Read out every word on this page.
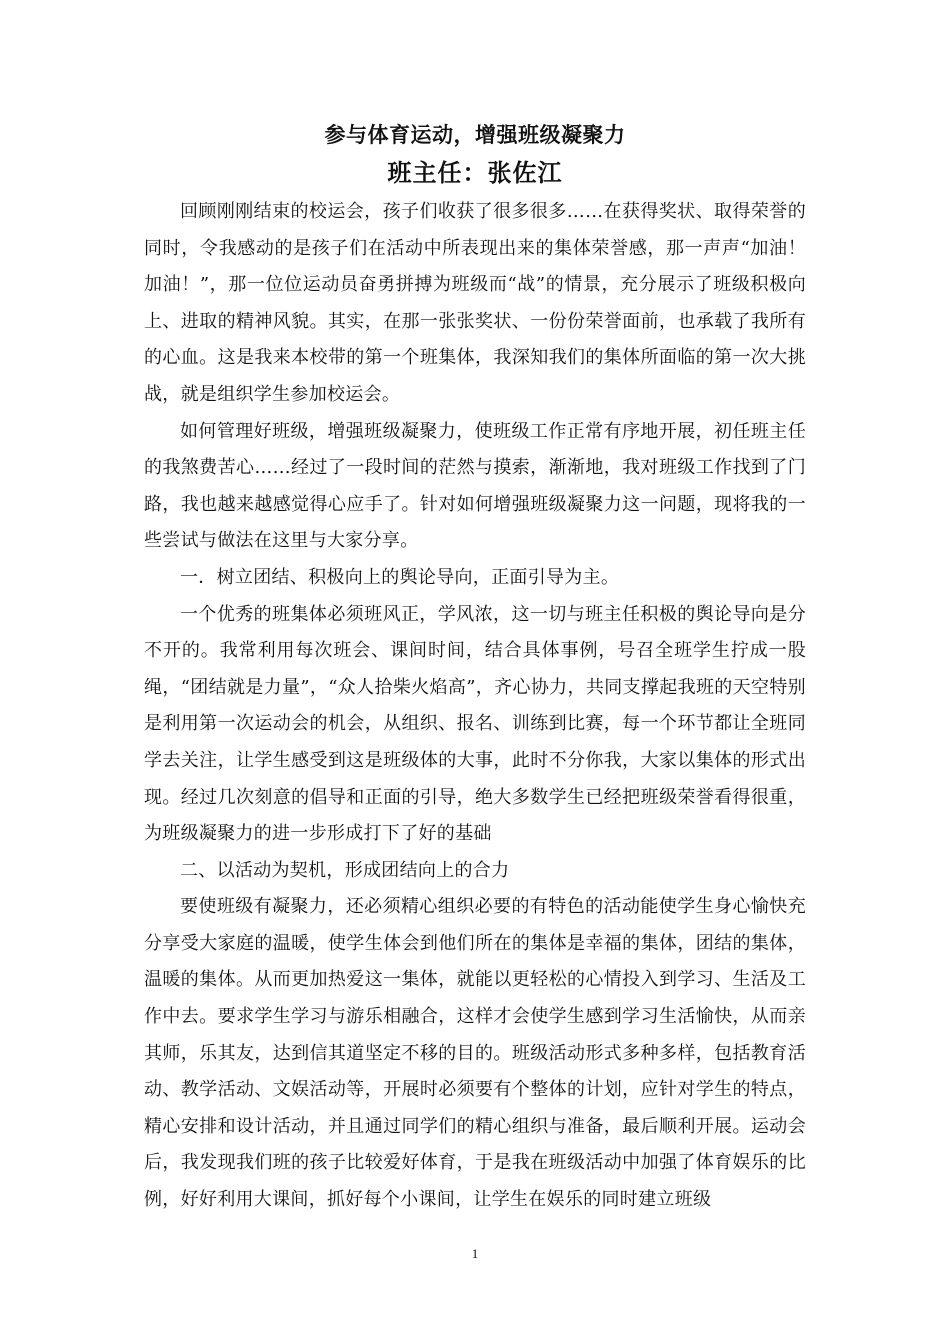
参与体育运动，增强班级凝聚力
班主任：张佐江

回顾刚刚结束的校运会，孩子们收获了很多很多……在获得奖状、取得荣誉的同时，令我感动的是孩子们在活动中所表现出来的集体荣誉感，那一声声“加油！加油！”，那一位位运动员奋勇拼搏为班级而“战”的情景，充分展示了班级积极向上、进取的精神风貌。其实，在那一张张奖状、一份份荣誉面前，也承载了我所有的心血。这是我来本校带的第一个班集体，我深知我们的集体所面临的第一次大挑战，就是组织学生参加校运会。

如何管理好班级，增强班级凝聚力，使班级工作正常有序地开展，初任班主任的我煞费苦心……经过了一段时间的茫然与摸索，渐渐地，我对班级工作找到了门路，我也越来越感觉得心应手了。针对如何增强班级凝聚力这一问题，现将我的一些尝试与做法在这里与大家分享。

一．树立团结、积极向上的舆论导向，正面引导为主。

一个优秀的班集体必须班风正，学风浓，这一切与班主任积极的舆论导向是分不开的。我常利用每次班会、课间时间，结合具体事例，号召全班学生拧成一股绳，“团结就是力量”，“众人拾柴火焰高”，齐心协力，共同支撑起我班的天空特别是利用第一次运动会的机会，从组织、报名、训练到比赛，每一个环节都让全班同学去关注，让学生感受到这是班级体的大事，此时不分你我，大家以集体的形式出现。经过几次刻意的倡导和正面的引导，绝大多数学生已经把班级荣誉看得很重，为班级凝聚力的进一步形成打下了好的基础

二、以活动为契机，形成团结向上的合力

要使班级有凝聚力，还必须精心组织必要的有特色的活动能使学生身心愉快充分享受大家庭的温暖，使学生体会到他们所在的集体是幸福的集体，团结的集体，温暖的集体。从而更加热爱这一集体，就能以更轻松的心情投入到学习、生活及工作中去。要求学生学习与游乐相融合，这样才会使学生感到学习生活愉快，从而亲其师，乐其友，达到信其道坚定不移的目的。班级活动形式多种多样，包括教育活动、教学活动、文娱活动等，开展时必须要有个整体的计划，应针对学生的特点，精心安排和设计活动，并且通过同学们的精心组织与准备，最后顺利开展。运动会后，我发现我们班的孩子比较爱好体育，于是我在班级活动中加强了体育娱乐的比例，好好利用大课间，抓好每个小课间，让学生在娱乐的同时建立班级

1
